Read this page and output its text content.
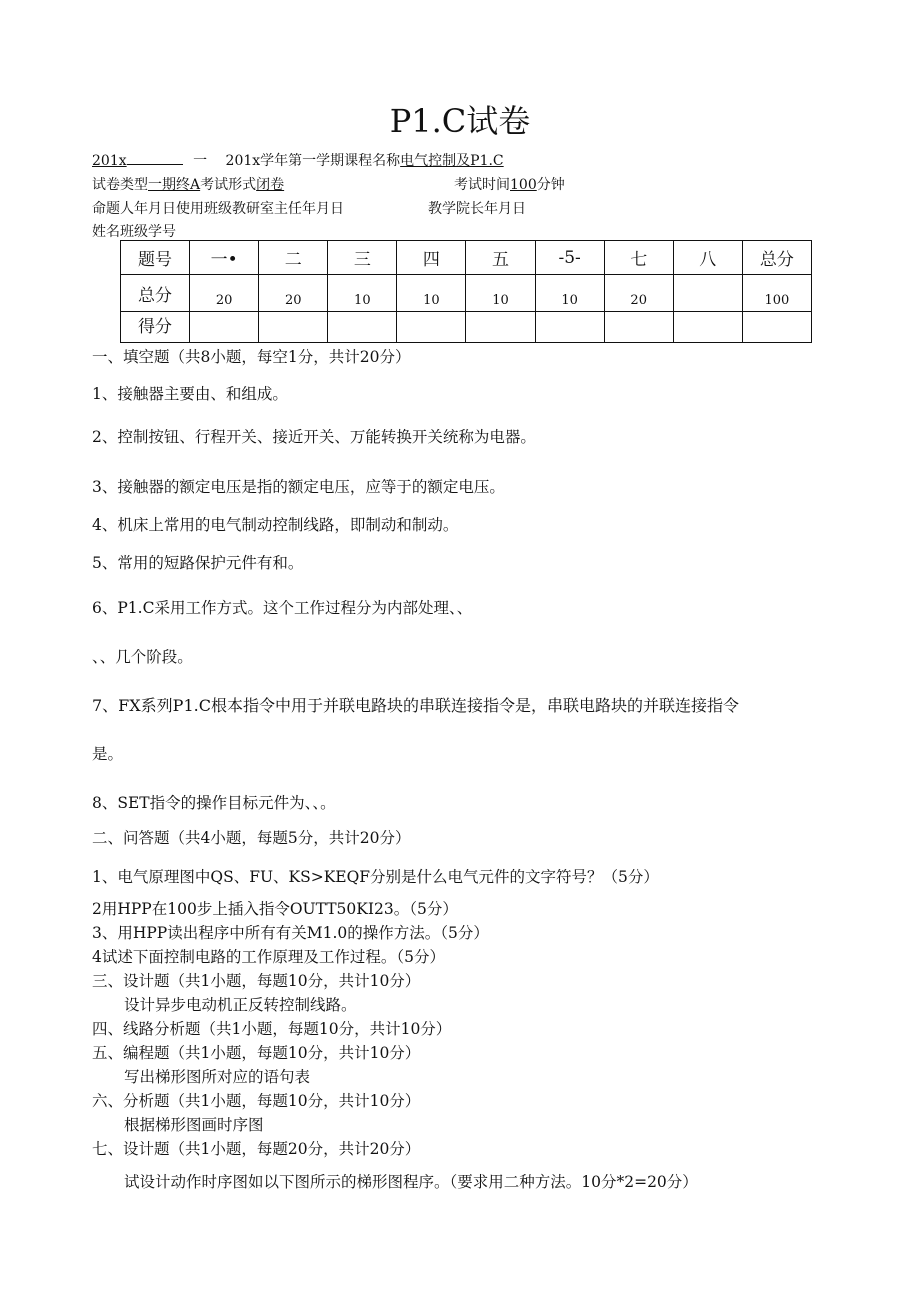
P1.C试卷
201x	一 201x学年第一学期课程名称电气控制及P1.C
试卷类型一期终A考试形式闭卷	考试时间100分钟
命题人年月日使用班级教研室主任年月日	教学院长年月日
姓名班级学号
题号	一•	二	三	四	五	-5-	七	八	总分
总分	20	20	10	10	10	10	20		100
得分									
一、填空题（共8小题，每空1分，共计20分）
1、接触器主要由、和组成。
2、控制按钮、行程开关、接近开关、万能转换开关统称为电器。
3、接触器的额定电压是指的额定电压，应等于的额定电压。
4、机床上常用的电气制动控制线路，即制动和制动。
5、常用的短路保护元件有和。
6、P1.C采用工作方式。这个工作过程分为内部处理、、
、、几个阶段。
7、FX系列P1.C根本指令中用于并联电路块的串联连接指令是，串联电路块的并联连接指令
是。
8、SET指令的操作目标元件为、、。
二、问答题（共4小题，每题5分，共计20分）
1、电气原理图中QS、FU、KS>KEQF分别是什么电气元件的文字符号？（5分）
2用HPP在100步上插入指令OUTT50KI23。（5分）
3、用HPP读出程序中所有有关M1.0的操作方法。（5分）
4试述下面控制电路的工作原理及工作过程。（5分）
三、设计题（共1小题，每题10分，共计10分）
设计异步电动机正反转控制线路。
四、线路分析题（共1小题，每题10分，共计10分）
五、编程题（共1小题，每题10分，共计10分）
写出梯形图所对应的语句表
六、分析题（共1小题，每题10分，共计10分）
根据梯形图画时序图
七、设计题（共1小题，每题20分，共计20分）
试设计动作时序图如以下图所示的梯形图程序。（要求用二种方法。10分*2=20分）
